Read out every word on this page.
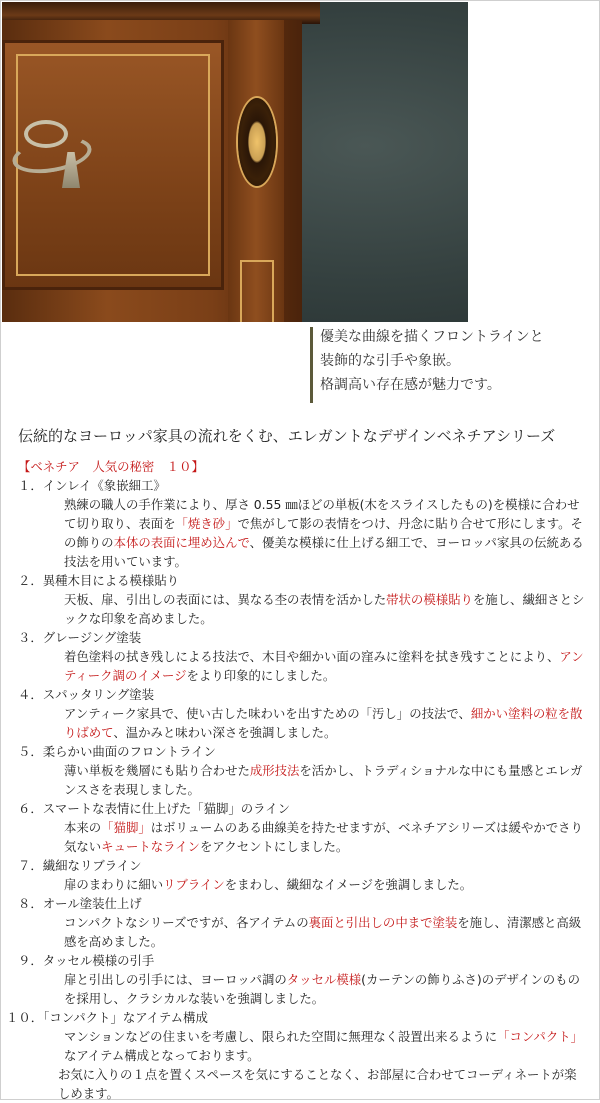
優美な曲線を描くフロントラインと
装飾的な引手や象嵌。
格調高い存在感が魅力です。
伝統的なヨーロッパ家具の流れをくむ、エレガントなデザインベネチアシリーズ
【ベネチア　人気の秘密　１０】
１．インレイ《象嵌細工》
熟練の職人の手作業により、厚さ 0.55 ㎜ほどの単板(木をスライスしたもの)を模様に合わせて切り取り、表面を「焼き砂」で焦がして影の表情をつけ、丹念に貼り合せて形にします。その飾りの本体の表面に埋め込んで、優美な模様に仕上げる細工で、ヨーロッパ家具の伝統ある技法を用いています。
２．異種木目による模様貼り
天板、扉、引出しの表面には、異なる杢の表情を活かした帯状の模様貼りを施し、繊細さとシックな印象を高めました。
３．グレージング塗装
着色塗料の拭き残しによる技法で、木目や細かい面の窪みに塗料を拭き残すことにより、アンティーク調のイメージをより印象的にしました。
４．スパッタリング塗装
アンティーク家具で、使い古した味わいを出すための「汚し」の技法で、細かい塗料の粒を散りばめて、温かみと味わい深さを強調しました。
５．柔らかい曲面のフロントライン
薄い単板を幾層にも貼り合わせた成形技法を活かし、トラディショナルな中にも量感とエレガンスさを表現しました。
６．スマートな表情に仕上げた「猫脚」のライン
本来の「猫脚」はボリュームのある曲線美を持たせますが、ベネチアシリーズは緩やかでさり気ないキュートなラインをアクセントにしました。
７．繊細なリブライン
扉のまわりに細いリブラインをまわし、繊細なイメージを強調しました。
８．オール塗装仕上げ
コンパクトなシリーズですが、各アイテムの裏面と引出しの中まで塗装を施し、清潔感と高級感を高めました。
９．タッセル模様の引手
扉と引出しの引手には、ヨーロッパ調のタッセル模様(カーテンの飾りふさ)のデザインのものを採用し、クラシカルな装いを強調しました。
１０．「コンパクト」なアイテム構成
マンションなどの住まいを考慮し、限られた空間に無理なく設置出来るように「コンパクト」なアイテム構成となっております。
お気に入りの１点を置くスペースを気にすることなく、お部屋に合わせてコーディネートが楽しめます。
